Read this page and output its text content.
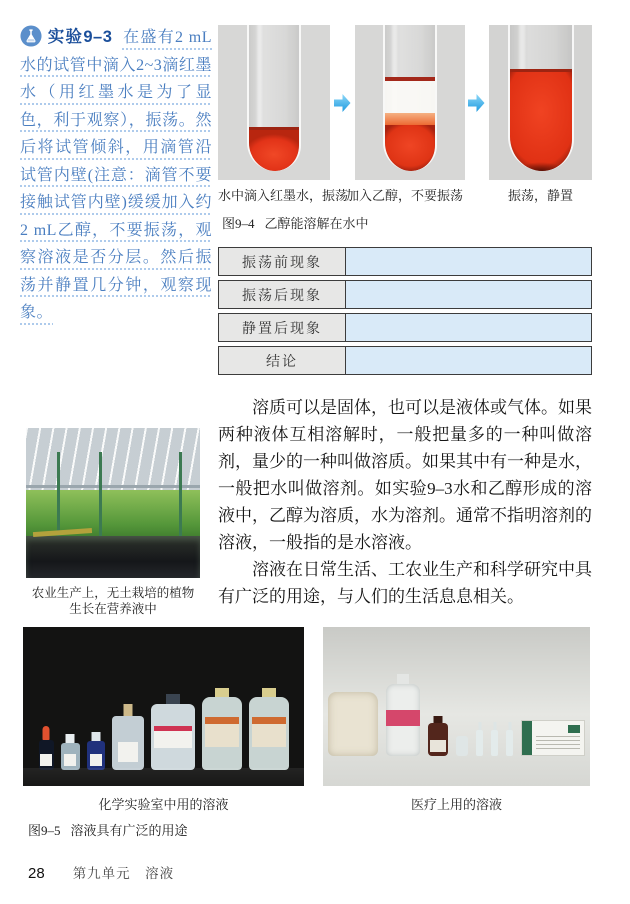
实验9–3 在盛有2 mL水的试管中滴入2~3滴红墨水（用红墨水是为了显色，利于观察），振荡。然后将试管倾斜，用滴管沿试管内壁(注意：滴管不要接触试管内壁)缓缓加入约2 mL乙醇，不要振荡，观察溶液是否分层。然后振荡并静置几分钟，观察现象。

水中滴入红墨水，振荡
加入乙醇，不要振荡	振荡，静置
图9–4 乙醇能溶解在水中
振荡前现象
振荡后现象
静置后现象
结论

溶质可以是固体，也可以是液体或气体。如果两种液体互相溶解时，一般把量多的一种叫做溶剂，量少的一种叫做溶质。如果其中有一种是水，一般把水叫做溶剂。如实验9–3水和乙醇形成的溶液中，乙醇为溶质，水为溶剂。通常不指明溶剂的溶液，一般指的是水溶液。

溶液在日常生活、工农业生产和科学研究中具有广泛的用途，与人们的生活息息相关。

农业生产上，无土栽培的植物
生长在营养液中
化学实验室中用的溶液	医疗上用的溶液
图9–5 溶液具有广泛的用途
28 第九单元　溶液
